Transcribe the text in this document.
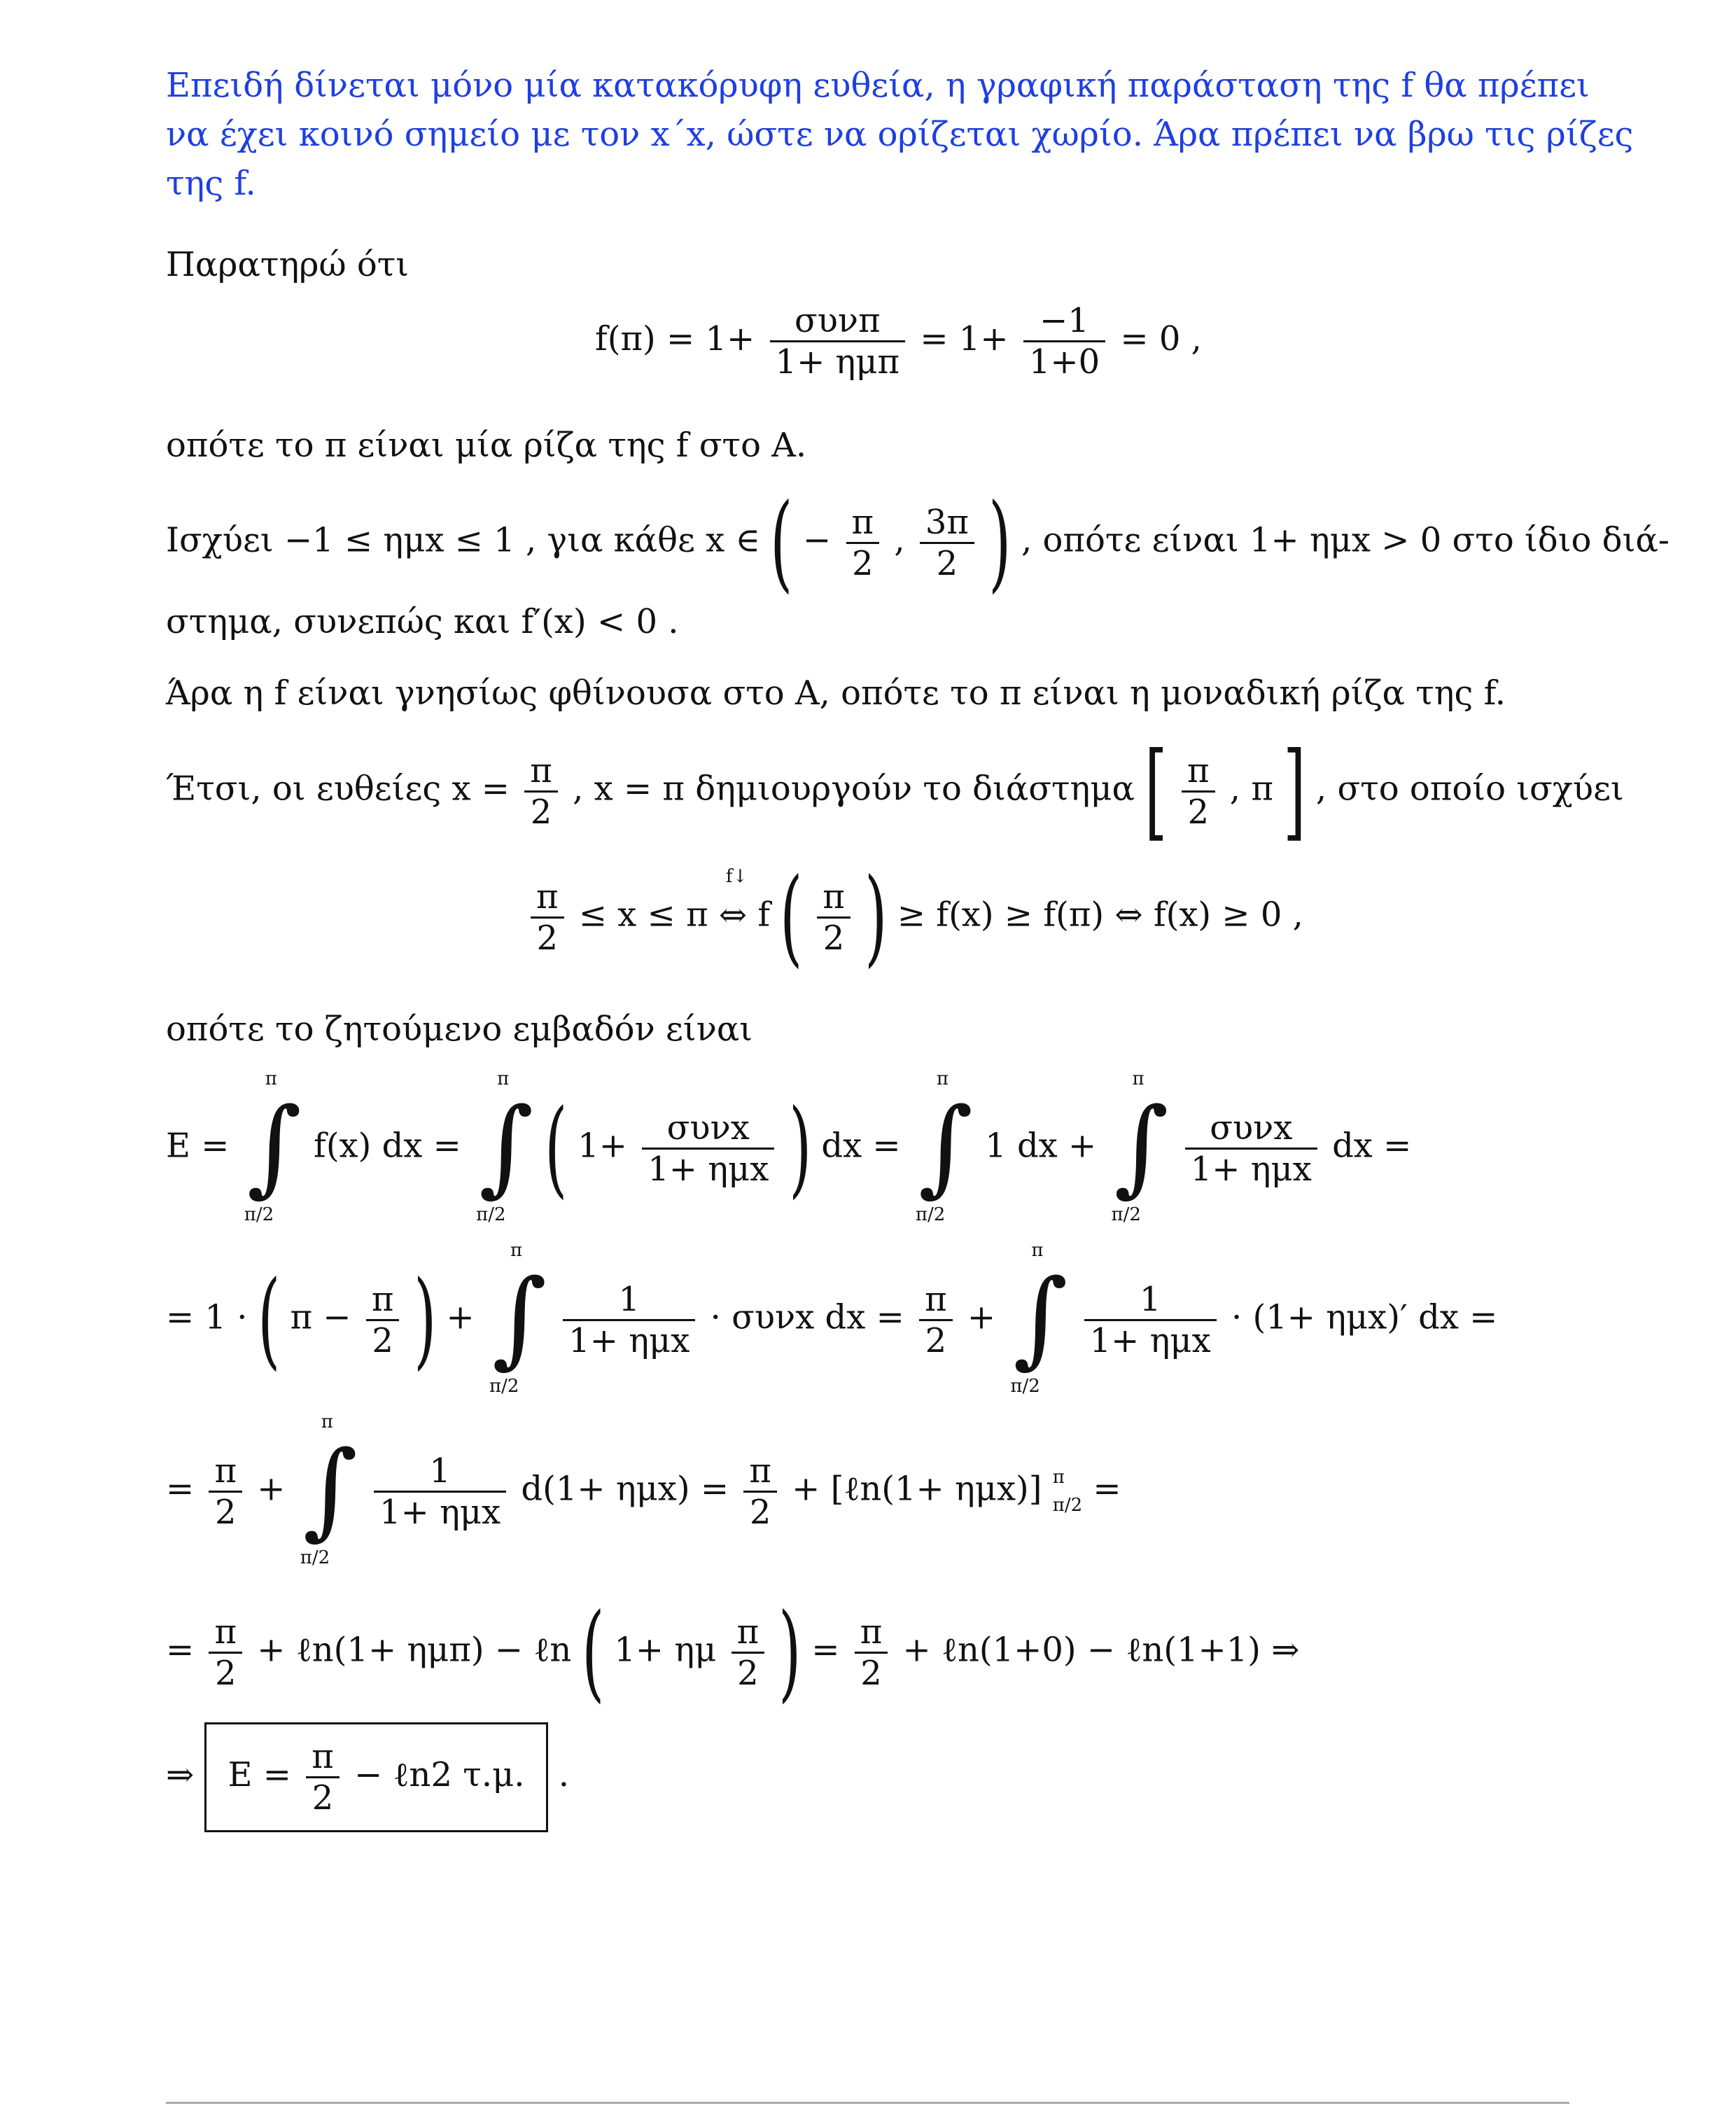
Επειδή δίνεται μόνο μία κατακόρυφη ευθεία, η γραφική παράσταση της f θα πρέπει
να έχει κοινό σημείο με τον x΄x, ώστε να ορίζεται χωρίο. Άρα πρέπει να βρω τις ρίζες
της f.
Παρατηρώ ότι
f(π) = 1+	συνπ
1+ ημπ
= $1+ \frac{-1}{1+0} = 0$ ,
οπότε το π είναι μία ρίζα της f στο A.
Ισχύει −1 ≤ ημx ≤ 1 , για κάθε x ∈ ( − $\frac{\pi}{2}$ , $\frac{3\pi}{2}$ ) , οπότε είναι 1+ ημx > 0 στο ίδιο διά-
στημα, συνεπώς και f′(x) < 0 .
Άρα η f είναι γνησίως φθίνουσα στο A, οπότε το π είναι η μοναδική ρίζα της f.
Έτσι, οι ευθείες $x = \frac{\pi}{2}$ , x = π δημιουργούν το διάστημα [ $\frac{\pi}{2}$ , π ] , στο οποίο ισχύει
$\frac{\pi}{2} \le x \le \pi$
f↓
⇔ f ( $\frac{\pi}{2}$ ) ≥ f(x) ≥ f(π) ⇔ f(x) ≥ 0 ,
οπότε το ζητούμενο εμβαδόν είναι
E =
π
∫
π/2
f(x) dx =
π
∫
π/2
( 1+	συνx
1+ ημx ) dx =
π
∫
π/2
1 dx +
π
∫
π/2

συνx
1+ ημx
dx =
= 1 · ( $\pi - \frac{\pi}{2}$ ) +
π
∫
π/2

1
1+ ημx
· συνx dx = $\frac{\pi}{2}$ +
π
∫
π/2

1
1+ ημx
· (1+ ημx)′ dx =
= $\frac{\pi}{2}$ +
π
∫
π/2

1
1+ ημx
$d(1+ \eta\mu x) = \frac{\pi}{2}$ + [ℓn(1+ ημx)] π
π/2 =
= $\frac{\pi}{2}$ + ℓn(1+ ημπ) − ℓn ( 1+ ημ $\frac{\pi}{2}$ ) = $\frac{\pi}{2}$ + ℓn(1+0) − ℓn(1+1) ⇒
⇒ $E = \frac{\pi}{2}$ − ℓn2 τ.μ. .
